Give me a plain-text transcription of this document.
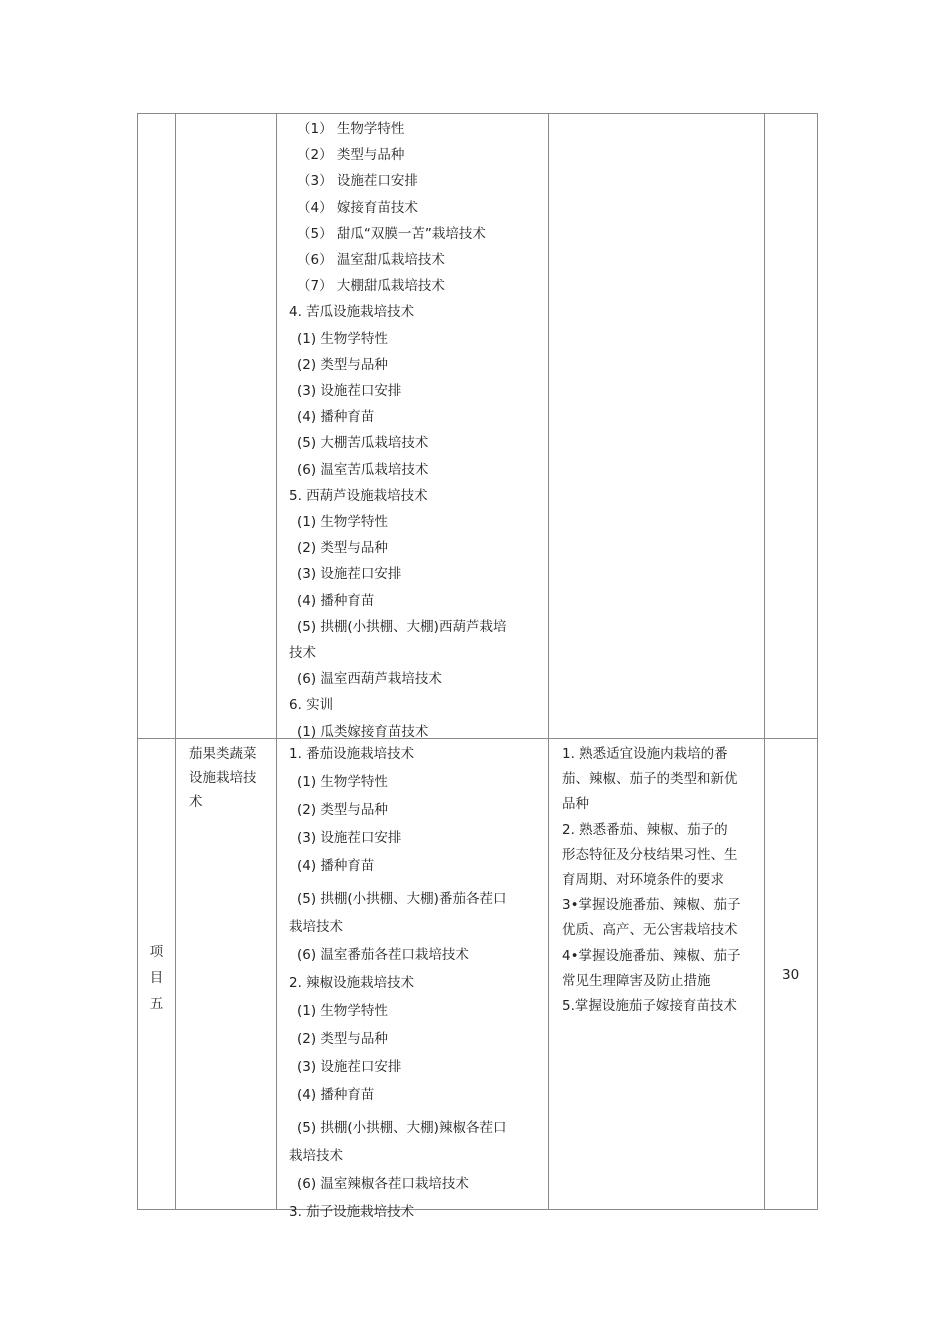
（1） 生物学特性
（2） 类型与品种
（3） 设施茬口安排
（4） 嫁接育苗技术
（5） 甜瓜“双膜一苫”栽培技术
（6） 温室甜瓜栽培技术
（7） 大棚甜瓜栽培技术
4. 苦瓜设施栽培技术
(1) 生物学特性
(2) 类型与品种
(3) 设施茬口安排
(4) 播种育苗
(5) 大棚苦瓜栽培技术
(6) 温室苦瓜栽培技术
5. 西葫芦设施栽培技术
(1) 生物学特性
(2) 类型与品种
(3) 设施茬口安排
(4) 播种育苗
(5) 拱棚(小拱棚、大棚)西葫芦栽培
技术
(6) 温室西葫芦栽培技术
6. 实训
(1) 瓜类嫁接育苗技术
项
目
五
茄果类蔬菜
设施栽培技
术
1. 番茄设施栽培技术
(1) 生物学特性
(2) 类型与品种
(3) 设施茬口安排
(4) 播种育苗
(5) 拱棚(小拱棚、大棚)番茄各茬口
栽培技术
(6) 温室番茄各茬口栽培技术
2. 辣椒设施栽培技术
(1) 生物学特性
(2) 类型与品种
(3) 设施茬口安排
(4) 播种育苗
(5) 拱棚(小拱棚、大棚)辣椒各茬口
栽培技术
(6) 温室辣椒各茬口栽培技术
3. 茄子设施栽培技术
1. 熟悉适宜设施内栽培的番
茄、辣椒、茄子的类型和新优
品种
2. 熟悉番茄、辣椒、茄子的
形态特征及分枝结果习性、生
育周期、对环境条件的要求
3•掌握设施番茄、辣椒、茄子
优质、高产、无公害栽培技术
4•掌握设施番茄、辣椒、茄子
常见生理障害及防止措施
5.掌握设施茄子嫁接育苗技术
30
